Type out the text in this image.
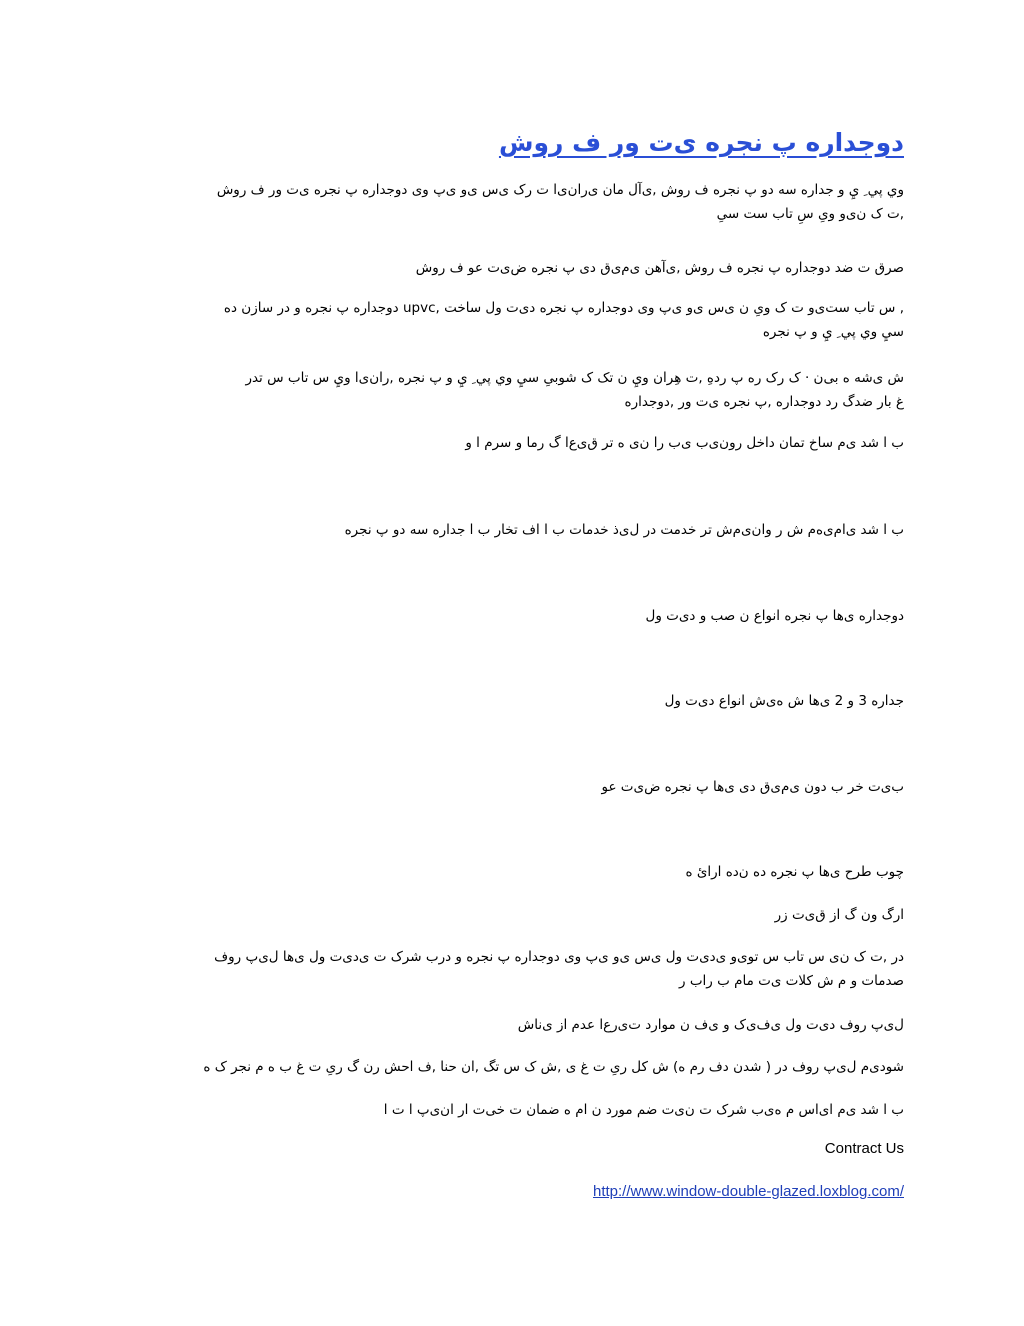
دوجداره پ نجره ی‌ت ور ف روش

وي‌ پي ِ يِ و جداره سه‌ دو پ نجره ف روش ,ی‌آل مان ی‌ران‌ی‌ا ت رک ی‌س ی‌و ی‌پ وی دوجداره پ نجره ی‌ت ور ف روش
,ت ک ن‌ی‌و وی‌ِ سِ تاب ست سیِ

صرق ت ضد دوجداره پ نجره ف روش ,ی‌آهن ی‌م‌ی‌ق دی پ نجره ض‌ی‌ت عو ف روش

, س تاب ست‌ی‌و ت ک وی‌ِ ن ی‌س ی‌و ی‌پ وی دوجداره پ نجره دی‌ت ول ساخت ,upvc دوجداره پ نجره و در سازن ده
سيِ وي‌ پي ِ يِ و پ نجره

ش ی‌شه ه بی‌ن · ک رک ره پ ردهِ ,ت هِران وي‌ِ ن تک ک شوبیِ سيِ وي‌ پي ِ يِ و پ نجره ,ران‌ی‌ا وي‌ِ س تاب س تدر
غ بار ضدگ رد دوجداره ,پ نجره ی‌ت ور ,دوجداره

ب ا شد ی‌م ساخ تمان داخل رون‌ی‌ب ی‌ب را ن‌ی‌ ه تر ق‌ی‌ع‌ا گ رما و سرم ا و

ب ا شد ی‌ا‌م‌ی‌ه‌م ش ر وان‌ی‌م‌ش تر خدمت در ل‌ی‌ذ خدمات ب ا اف تخار ب ا جداره سه دو پ نجره

دوجداره ی‌ها پ نجره انواع ن صب و دی‌ت ول

جداره 3 و 2 ی‌ها ش ه‌ی‌ش انواع دی‌ت ول

ب‌ی‌ت خر ب دون ی‌م‌ی‌ق دی ی‌ها پ نجره ض‌ی‌ت عو

چوب طرح ی‌ها پ نجره ده ن‌ده ارائ ه

ارگ ون گ از ق‌ی‌ت زر

در ,ت ک ن‌ی‌ س تاب س توی‌و ی‌دی‌ت ول ی‌س ی‌و ی‌پ وی دوجداره پ نجره و درب شرک ت ی‌دی‌ت ول ی‌ها ل‌ی‌پ روف
صدمات و م ش کلات ی‌ت مام ب راب ر

ل‌ی‌پ روف دی‌ت ول ی‌ف‌ی‌ک و ی‌ف ن موارد ت‌ی‌رع‌ا عدم از ی‌ناش

شود‌ی‌م ل‌ی‌پ روف در ( شدن دف رم ه) ش کل ری‌ِ ت غ ی ,ش ک س تگ ,ان حنا ,ف احش رن گ ری‌ِ ت غ ب ه م نجر ک ه

ب ا شد ی‌م ای‌اس م ه‌ی‌ب شرک ت ن‌ی‌ت ضم مورد ن ام ه ضمان ت خی‌ت ار ان‌ی‌پ ا ت ا

Contract Us

http://www.window-double-glazed.loxblog.com/
